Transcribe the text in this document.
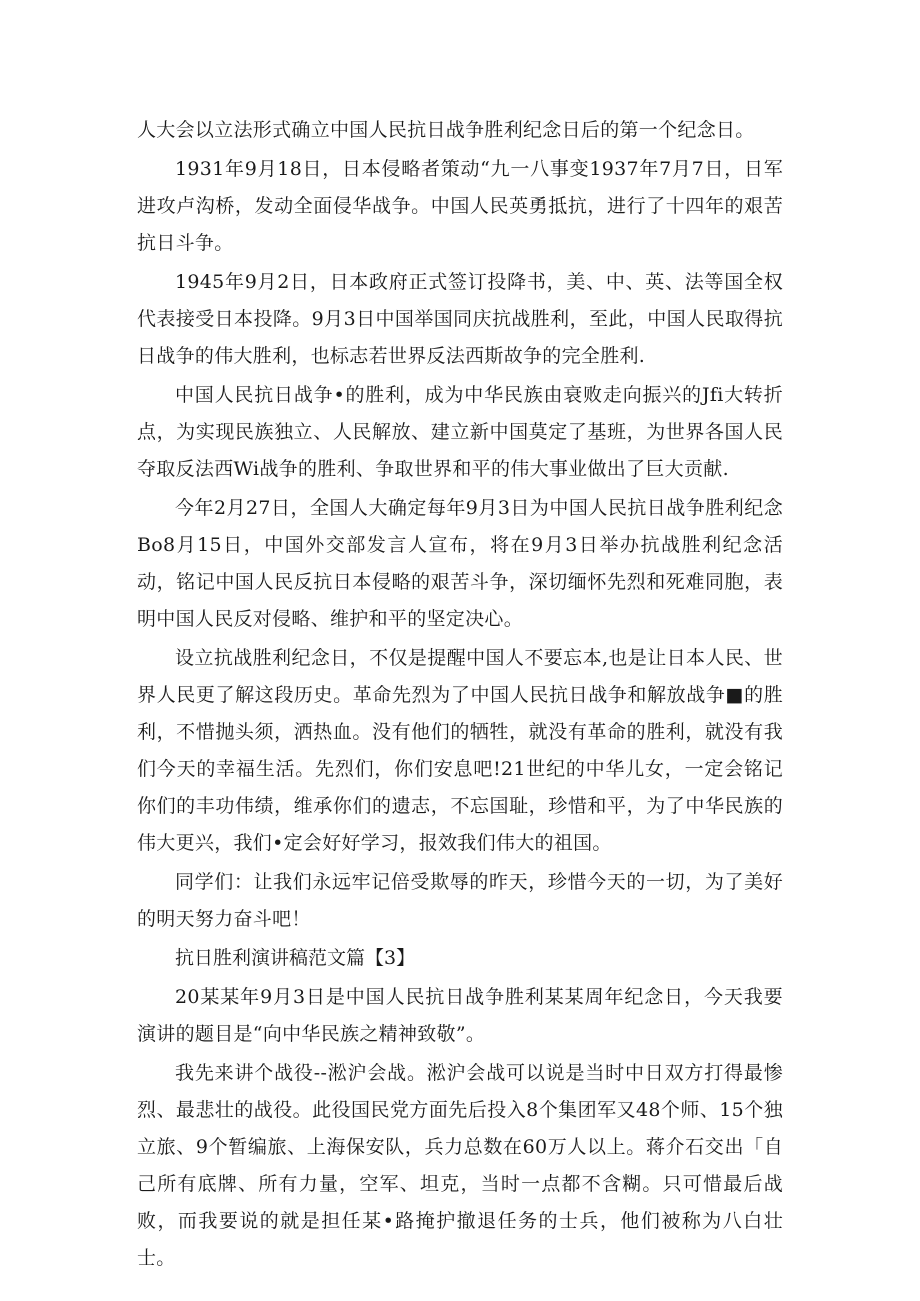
人大会以立法形式确立中国人民抗日战争胜利纪念日后的第一个纪念日。

1931年9月18日，日本侵略者策动“九一八事变1937年7月7日，日军进攻卢沟桥，发动全面侵华战争。中国人民英勇抵抗，进行了十四年的艰苦抗日斗争。

1945年9月2日，日本政府正式签订投降书，美、中、英、法等国全权代表接受日本投降。9月3日中国举国同庆抗战胜利，至此，中国人民取得抗日战争的伟大胜利，也标志若世界反法西斯故争的完全胜利.

中国人民抗日战争•的胜利，成为中华民族由衰败走向振兴的Jfi大转折点，为实现民族独立、人民解放、建立新中国莫定了基班，为世界各国人民夺取反法西Wi战争的胜利、争取世界和平的伟大事业做出了巨大贡献.

今年2月27日，全国人大确定每年9月3日为中国人民抗日战争胜利纪念Bo8月15日，中国外交部发言人宣布，将在9月3日举办抗战胜利纪念活动，铭记中国人民反抗日本侵略的艰苦斗争，深切缅怀先烈和死难同胞，表明中国人民反对侵略、维护和平的坚定决心。

设立抗战胜利纪念日，不仅是提醒中国人不要忘本,也是让日本人民、世界人民更了解这段历史。革命先烈为了中国人民抗日战争和解放战争■的胜利，不惜抛头须，洒热血。没有他们的牺牲，就没有革命的胜利，就没有我们今天的幸福生活。先烈们，你们安息吧!21世纪的中华儿女，一定会铭记你们的丰功伟绩，维承你们的遗志，不忘国耻，珍惜和平，为了中华民族的伟大更兴，我们•定会好好学习，报效我们伟大的祖国。

同学们：让我们永远牢记倍受欺辱的昨天，珍惜今天的一切，为了美好的明天努力奋斗吧！

抗日胜利演讲稿范文篇【3】

20某某年9月3日是中国人民抗日战争胜利某某周年纪念日，今天我要演讲的题目是“向中华民族之精神致敬”。

我先来讲个战役--淞沪会战。淞沪会战可以说是当时中日双方打得最惨烈、最悲壮的战役。此役国民党方面先后投入8个集团军又48个师、15个独立旅、9个暂编旅、上海保安队，兵力总数在60万人以上。蒋介石交出「自己所有底牌、所有力量，空军、坦克，当时一点都不含糊。只可惜最后战败，而我要说的就是担任某•路掩护撤退任务的士兵，他们被称为八白壮士。
